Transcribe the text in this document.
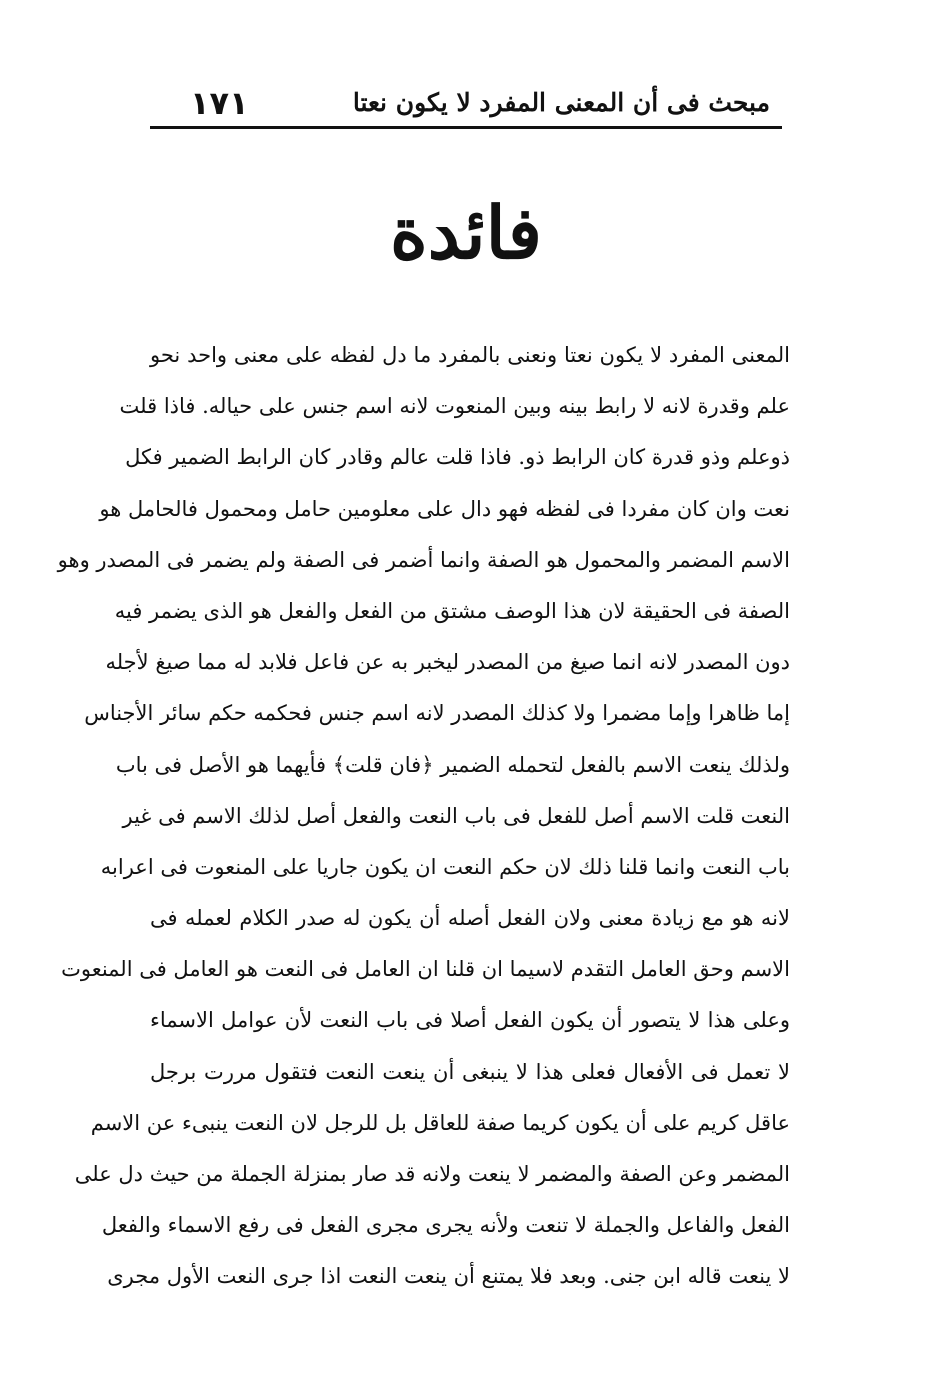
١٧١	مبحث فى أن المعنى المفرد لا يكون نعتا
فائدة
المعنى المفرد لا يكون نعتا ونعنى بالمفرد ما دل لفظه على معنى واحد نحو
علم وقدرة لانه لا رابط بينه وبين المنعوت لانه اسم جنس على حياله. فاذا قلت
ذوعلم وذو قدرة كان الرابط ذو. فاذا قلت عالم وقادر كان الرابط الضمير فكل
نعت وان كان مفردا فى لفظه فهو دال على معلومين حامل ومحمول فالحامل هو
الاسم المضمر والمحمول هو الصفة وانما أضمر فى الصفة ولم يضمر فى المصدر وهو
الصفة فى الحقيقة لان هذا الوصف مشتق من الفعل والفعل هو الذى يضمر فيه
دون المصدر لانه انما صيغ من المصدر ليخبر به عن فاعل فلابد له مما صيغ لأجله
إما ظاهرا وإما مضمرا ولا كذلك المصدر لانه اسم جنس فحكمه حكم سائر الأجناس
ولذلك ينعت الاسم بالفعل لتحمله الضمير ﴿فان قلت﴾ فأيهما هو الأصل فى باب
النعت قلت الاسم أصل للفعل فى باب النعت والفعل أصل لذلك الاسم فى غير
باب النعت وانما قلنا ذلك لان حكم النعت ان يكون جاريا على المنعوت فى اعرابه
لانه هو مع زيادة معنى ولان الفعل أصله أن يكون له صدر الكلام لعمله فى
الاسم وحق العامل التقدم لاسيما ان قلنا ان العامل فى النعت هو العامل فى المنعوت
وعلى هذا لا يتصور أن يكون الفعل أصلا فى باب النعت لأن عوامل الاسماء
لا تعمل فى الأفعال فعلى هذا لا ينبغى أن ينعت النعت فتقول مررت برجل
عاقل كريم على أن يكون كريما صفة للعاقل بل للرجل لان النعت ينبىء عن الاسم
المضمر وعن الصفة والمضمر لا ينعت ولانه قد صار بمنزلة الجملة من حيث دل على
الفعل والفاعل والجملة لا تنعت ولأنه يجرى مجرى الفعل فى رفع الاسماء والفعل
لا ينعت قاله ابن جنى. وبعد فلا يمتنع أن ينعت النعت اذا جرى النعت الأول مجرى
